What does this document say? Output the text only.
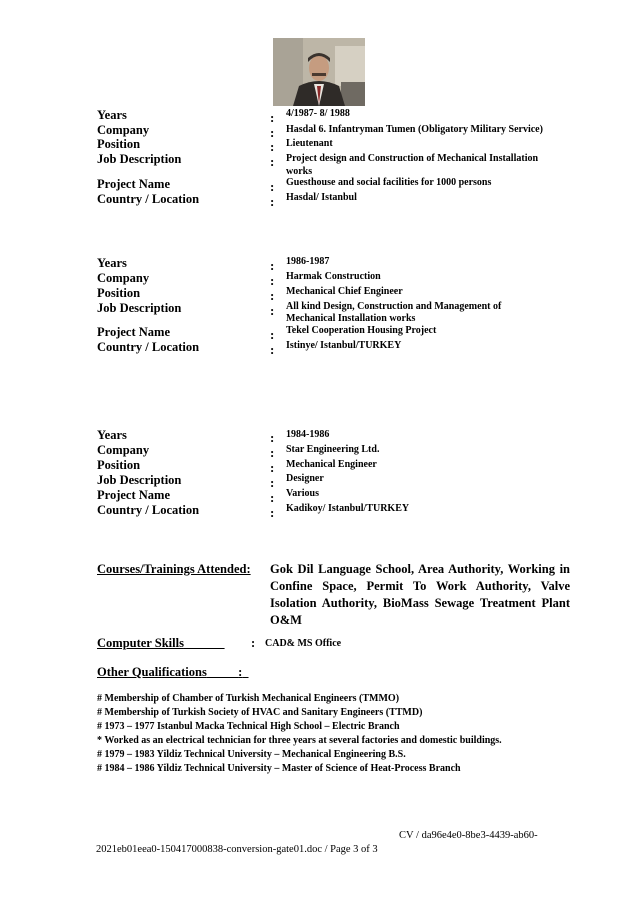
Years	: 4/1987- 8/ 1988
Company	: Hasdal 6. Infantryman Tumen (Obligatory Military Service)
Position	: Lieutenant
Job Description	: Project design and Construction of Mechanical Installation works
Project Name	: Guesthouse and social facilities for 1000 persons
Country / Location	: Hasdal/ Istanbul
Years	: 1986-1987
Company	: Harmak Construction
Position	: Mechanical Chief Engineer
Job Description	: All kind Design, Construction and Management of Mechanical Installation works
Project Name	: Tekel Cooperation Housing Project
Country / Location	: Istinye/ Istanbul/TURKEY
Years	: 1984-1986
Company	: Star Engineering Ltd.
Position	: Mechanical Engineer
Job Description	: Designer
Project Name	: Various
Country / Location	: Kadikoy/ Istanbul/TURKEY
Courses/Trainings Attended: Gok Dil Language School, Area Authority, Working in Confine Space, Permit To Work Authority, Valve Isolation Authority, BioMass Sewage Treatment Plant O&M
Computer Skills	: CAD& MS Office
Other Qualifications	:
# Membership of Chamber of Turkish Mechanical Engineers (TMMO)
# Membership of Turkish Society of HVAC and Sanitary Engineers (TTMD)
# 1973 – 1977 Istanbul Macka Technical High School – Electric Branch
* Worked as an electrical technician for three years at several factories and domestic buildings.
# 1979 – 1983 Yildiz Technical University – Mechanical Engineering B.S.
# 1984 – 1986 Yildiz Technical University – Master of Science of Heat-Process Branch
CV / da96e4e0-8be3-4439-ab60-
2021eb01eea0-150417000838-conversion-gate01.doc / Page 3 of 3
